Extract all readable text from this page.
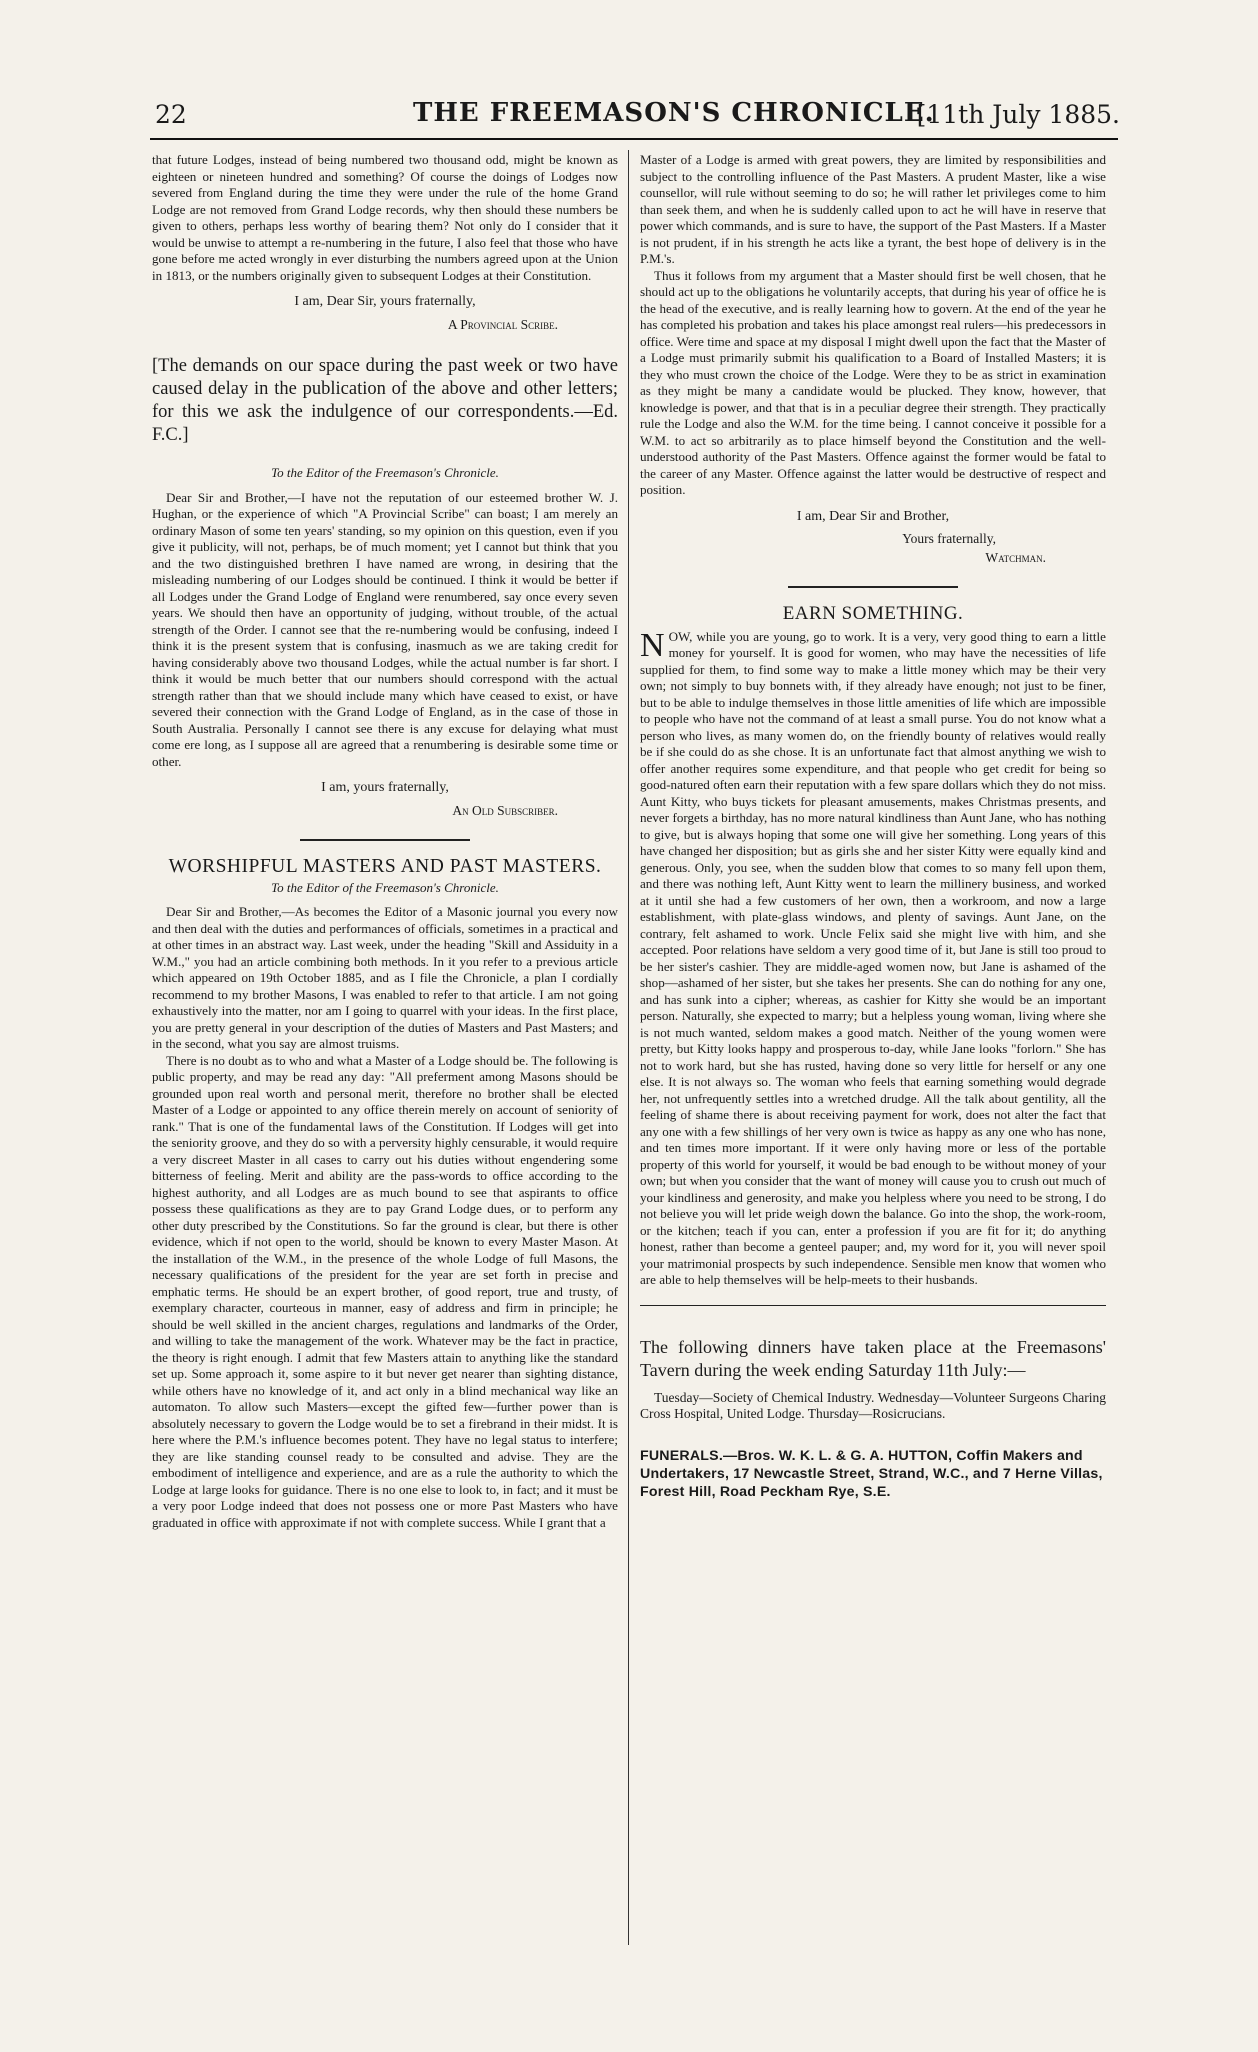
22	THE FREEMASON'S CHRONICLE.
[11th July 1885.

that future Lodges, instead of being numbered two thousand odd, might be known as eighteen or nineteen hundred and something? Of course the doings of Lodges now severed from England during the time they were under the rule of the home Grand Lodge are not removed from Grand Lodge records, why then should these numbers be given to others, perhaps less worthy of bearing them? Not only do I consider that it would be unwise to attempt a re-numbering in the future, I also feel that those who have gone before me acted wrongly in ever disturbing the numbers agreed upon at the Union in 1813, or the numbers originally given to subsequent Lodges at their Constitution.

I am, Dear Sir, yours fraternally,
A Provincial Scribe.

[The demands on our space during the past week or two have caused delay in the publication of the above and other letters; for this we ask the indulgence of our correspondents.—Ed. F.C.]

To the Editor of the Freemason's Chronicle.

Dear Sir and Brother,—I have not the reputation of our esteemed brother W. J. Hughan, or the experience of which "A Provincial Scribe" can boast; I am merely an ordinary Mason of some ten years' standing, so my opinion on this question, even if you give it publicity, will not, perhaps, be of much moment; yet I cannot but think that you and the two distinguished brethren I have named are wrong, in desiring that the misleading numbering of our Lodges should be continued. I think it would be better if all Lodges under the Grand Lodge of England were renumbered, say once every seven years. We should then have an opportunity of judging, without trouble, of the actual strength of the Order. I cannot see that the re-numbering would be confusing, indeed I think it is the present system that is confusing, inasmuch as we are taking credit for having considerably above two thousand Lodges, while the actual number is far short. I think it would be much better that our numbers should correspond with the actual strength rather than that we should include many which have ceased to exist, or have severed their connection with the Grand Lodge of England, as in the case of those in South Australia. Personally I cannot see there is any excuse for delaying what must come ere long, as I suppose all are agreed that a renumbering is desirable some time or other.

I am, yours fraternally,
An Old Subscriber.
WORSHIPFUL MASTERS AND PAST MASTERS.
To the Editor of the Freemason's Chronicle.

Dear Sir and Brother,—As becomes the Editor of a Masonic journal you every now and then deal with the duties and performances of officials, sometimes in a practical and at other times in an abstract way. Last week, under the heading "Skill and Assiduity in a W.M.," you had an article combining both methods. In it you refer to a previous article which appeared on 19th October 1885, and as I file the Chronicle, a plan I cordially recommend to my brother Masons, I was enabled to refer to that article. I am not going exhaustively into the matter, nor am I going to quarrel with your ideas. In the first place, you are pretty general in your description of the duties of Masters and Past Masters; and in the second, what you say are almost truisms.

There is no doubt as to who and what a Master of a Lodge should be. The following is public property, and may be read any day: "All preferment among Masons should be grounded upon real worth and personal merit, therefore no brother shall be elected Master of a Lodge or appointed to any office therein merely on account of seniority of rank." That is one of the fundamental laws of the Constitution. If Lodges will get into the seniority groove, and they do so with a perversity highly censurable, it would require a very discreet Master in all cases to carry out his duties without engendering some bitterness of feeling. Merit and ability are the pass-words to office according to the highest authority, and all Lodges are as much bound to see that aspirants to office possess these qualifications as they are to pay Grand Lodge dues, or to perform any other duty prescribed by the Constitutions. So far the ground is clear, but there is other evidence, which if not open to the world, should be known to every Master Mason. At the installation of the W.M., in the presence of the whole Lodge of full Masons, the necessary qualifications of the president for the year are set forth in precise and emphatic terms. He should be an expert brother, of good report, true and trusty, of exemplary character, courteous in manner, easy of address and firm in principle; he should be well skilled in the ancient charges, regulations and landmarks of the Order, and willing to take the management of the work. Whatever may be the fact in practice, the theory is right enough. I admit that few Masters attain to anything like the standard set up. Some approach it, some aspire to it but never get nearer than sighting distance, while others have no knowledge of it, and act only in a blind mechanical way like an automaton. To allow such Masters—except the gifted few—further power than is absolutely necessary to govern the Lodge would be to set a firebrand in their midst. It is here where the P.M.'s influence becomes potent. They have no legal status to interfere; they are like standing counsel ready to be consulted and advise. They are the embodiment of intelligence and experience, and are as a rule the authority to which the Lodge at large looks for guidance. There is no one else to look to, in fact; and it must be a very poor Lodge indeed that does not possess one or more Past Masters who have graduated in office with approximate if not with complete success. While I grant that a

Master of a Lodge is armed with great powers, they are limited by responsibilities and subject to the controlling influence of the Past Masters. A prudent Master, like a wise counsellor, will rule without seeming to do so; he will rather let privileges come to him than seek them, and when he is suddenly called upon to act he will have in reserve that power which commands, and is sure to have, the support of the Past Masters. If a Master is not prudent, if in his strength he acts like a tyrant, the best hope of delivery is in the P.M.'s.

Thus it follows from my argument that a Master should first be well chosen, that he should act up to the obligations he voluntarily accepts, that during his year of office he is the head of the executive, and is really learning how to govern. At the end of the year he has completed his probation and takes his place amongst real rulers—his predecessors in office. Were time and space at my disposal I might dwell upon the fact that the Master of a Lodge must primarily submit his qualification to a Board of Installed Masters; it is they who must crown the choice of the Lodge. Were they to be as strict in examination as they might be many a candidate would be plucked. They know, however, that knowledge is power, and that that is in a peculiar degree their strength. They practically rule the Lodge and also the W.M. for the time being. I cannot conceive it possible for a W.M. to act so arbitrarily as to place himself beyond the Constitution and the well-understood authority of the Past Masters. Offence against the former would be fatal to the career of any Master. Offence against the latter would be destructive of respect and position.

I am, Dear Sir and Brother,
Yours fraternally,
Watchman.
EARN SOMETHING.

NOW, while you are young, go to work. It is a very, very good thing to earn a little money for yourself. It is good for women, who may have the necessities of life supplied for them, to find some way to make a little money which may be their very own; not simply to buy bonnets with, if they already have enough; not just to be finer, but to be able to indulge themselves in those little amenities of life which are impossible to people who have not the command of at least a small purse. You do not know what a person who lives, as many women do, on the friendly bounty of relatives would really be if she could do as she chose. It is an unfortunate fact that almost anything we wish to offer another requires some expenditure, and that people who get credit for being so good-natured often earn their reputation with a few spare dollars which they do not miss. Aunt Kitty, who buys tickets for pleasant amusements, makes Christmas presents, and never forgets a birthday, has no more natural kindliness than Aunt Jane, who has nothing to give, but is always hoping that some one will give her something. Long years of this have changed her disposition; but as girls she and her sister Kitty were equally kind and generous. Only, you see, when the sudden blow that comes to so many fell upon them, and there was nothing left, Aunt Kitty went to learn the millinery business, and worked at it until she had a few customers of her own, then a workroom, and now a large establishment, with plate-glass windows, and plenty of savings. Aunt Jane, on the contrary, felt ashamed to work. Uncle Felix said she might live with him, and she accepted. Poor relations have seldom a very good time of it, but Jane is still too proud to be her sister's cashier. They are middle-aged women now, but Jane is ashamed of the shop—ashamed of her sister, but she takes her presents. She can do nothing for any one, and has sunk into a cipher; whereas, as cashier for Kitty she would be an important person. Naturally, she expected to marry; but a helpless young woman, living where she is not much wanted, seldom makes a good match. Neither of the young women were pretty, but Kitty looks happy and prosperous to-day, while Jane looks "forlorn." She has not to work hard, but she has rusted, having done so very little for herself or any one else. It is not always so. The woman who feels that earning something would degrade her, not unfrequently settles into a wretched drudge. All the talk about gentility, all the feeling of shame there is about receiving payment for work, does not alter the fact that any one with a few shillings of her very own is twice as happy as any one who has none, and ten times more important. If it were only having more or less of the portable property of this world for yourself, it would be bad enough to be without money of your own; but when you consider that the want of money will cause you to crush out much of your kindliness and generosity, and make you helpless where you need to be strong, I do not believe you will let pride weigh down the balance. Go into the shop, the work-room, or the kitchen; teach if you can, enter a profession if you are fit for it; do anything honest, rather than become a genteel pauper; and, my word for it, you will never spoil your matrimonial prospects by such independence. Sensible men know that women who are able to help themselves will be help-meets to their husbands.

The following dinners have taken place at the Freemasons' Tavern during the week ending Saturday 11th July:—

Tuesday—Society of Chemical Industry. Wednesday—Volunteer Surgeons Charing Cross Hospital, United Lodge. Thursday—Rosicrucians.

FUNERALS.—Bros. W. K. L. & G. A. HUTTON, Coffin Makers and Undertakers, 17 Newcastle Street, Strand, W.C., and 7 Herne Villas, Forest Hill, Road Peckham Rye, S.E.
